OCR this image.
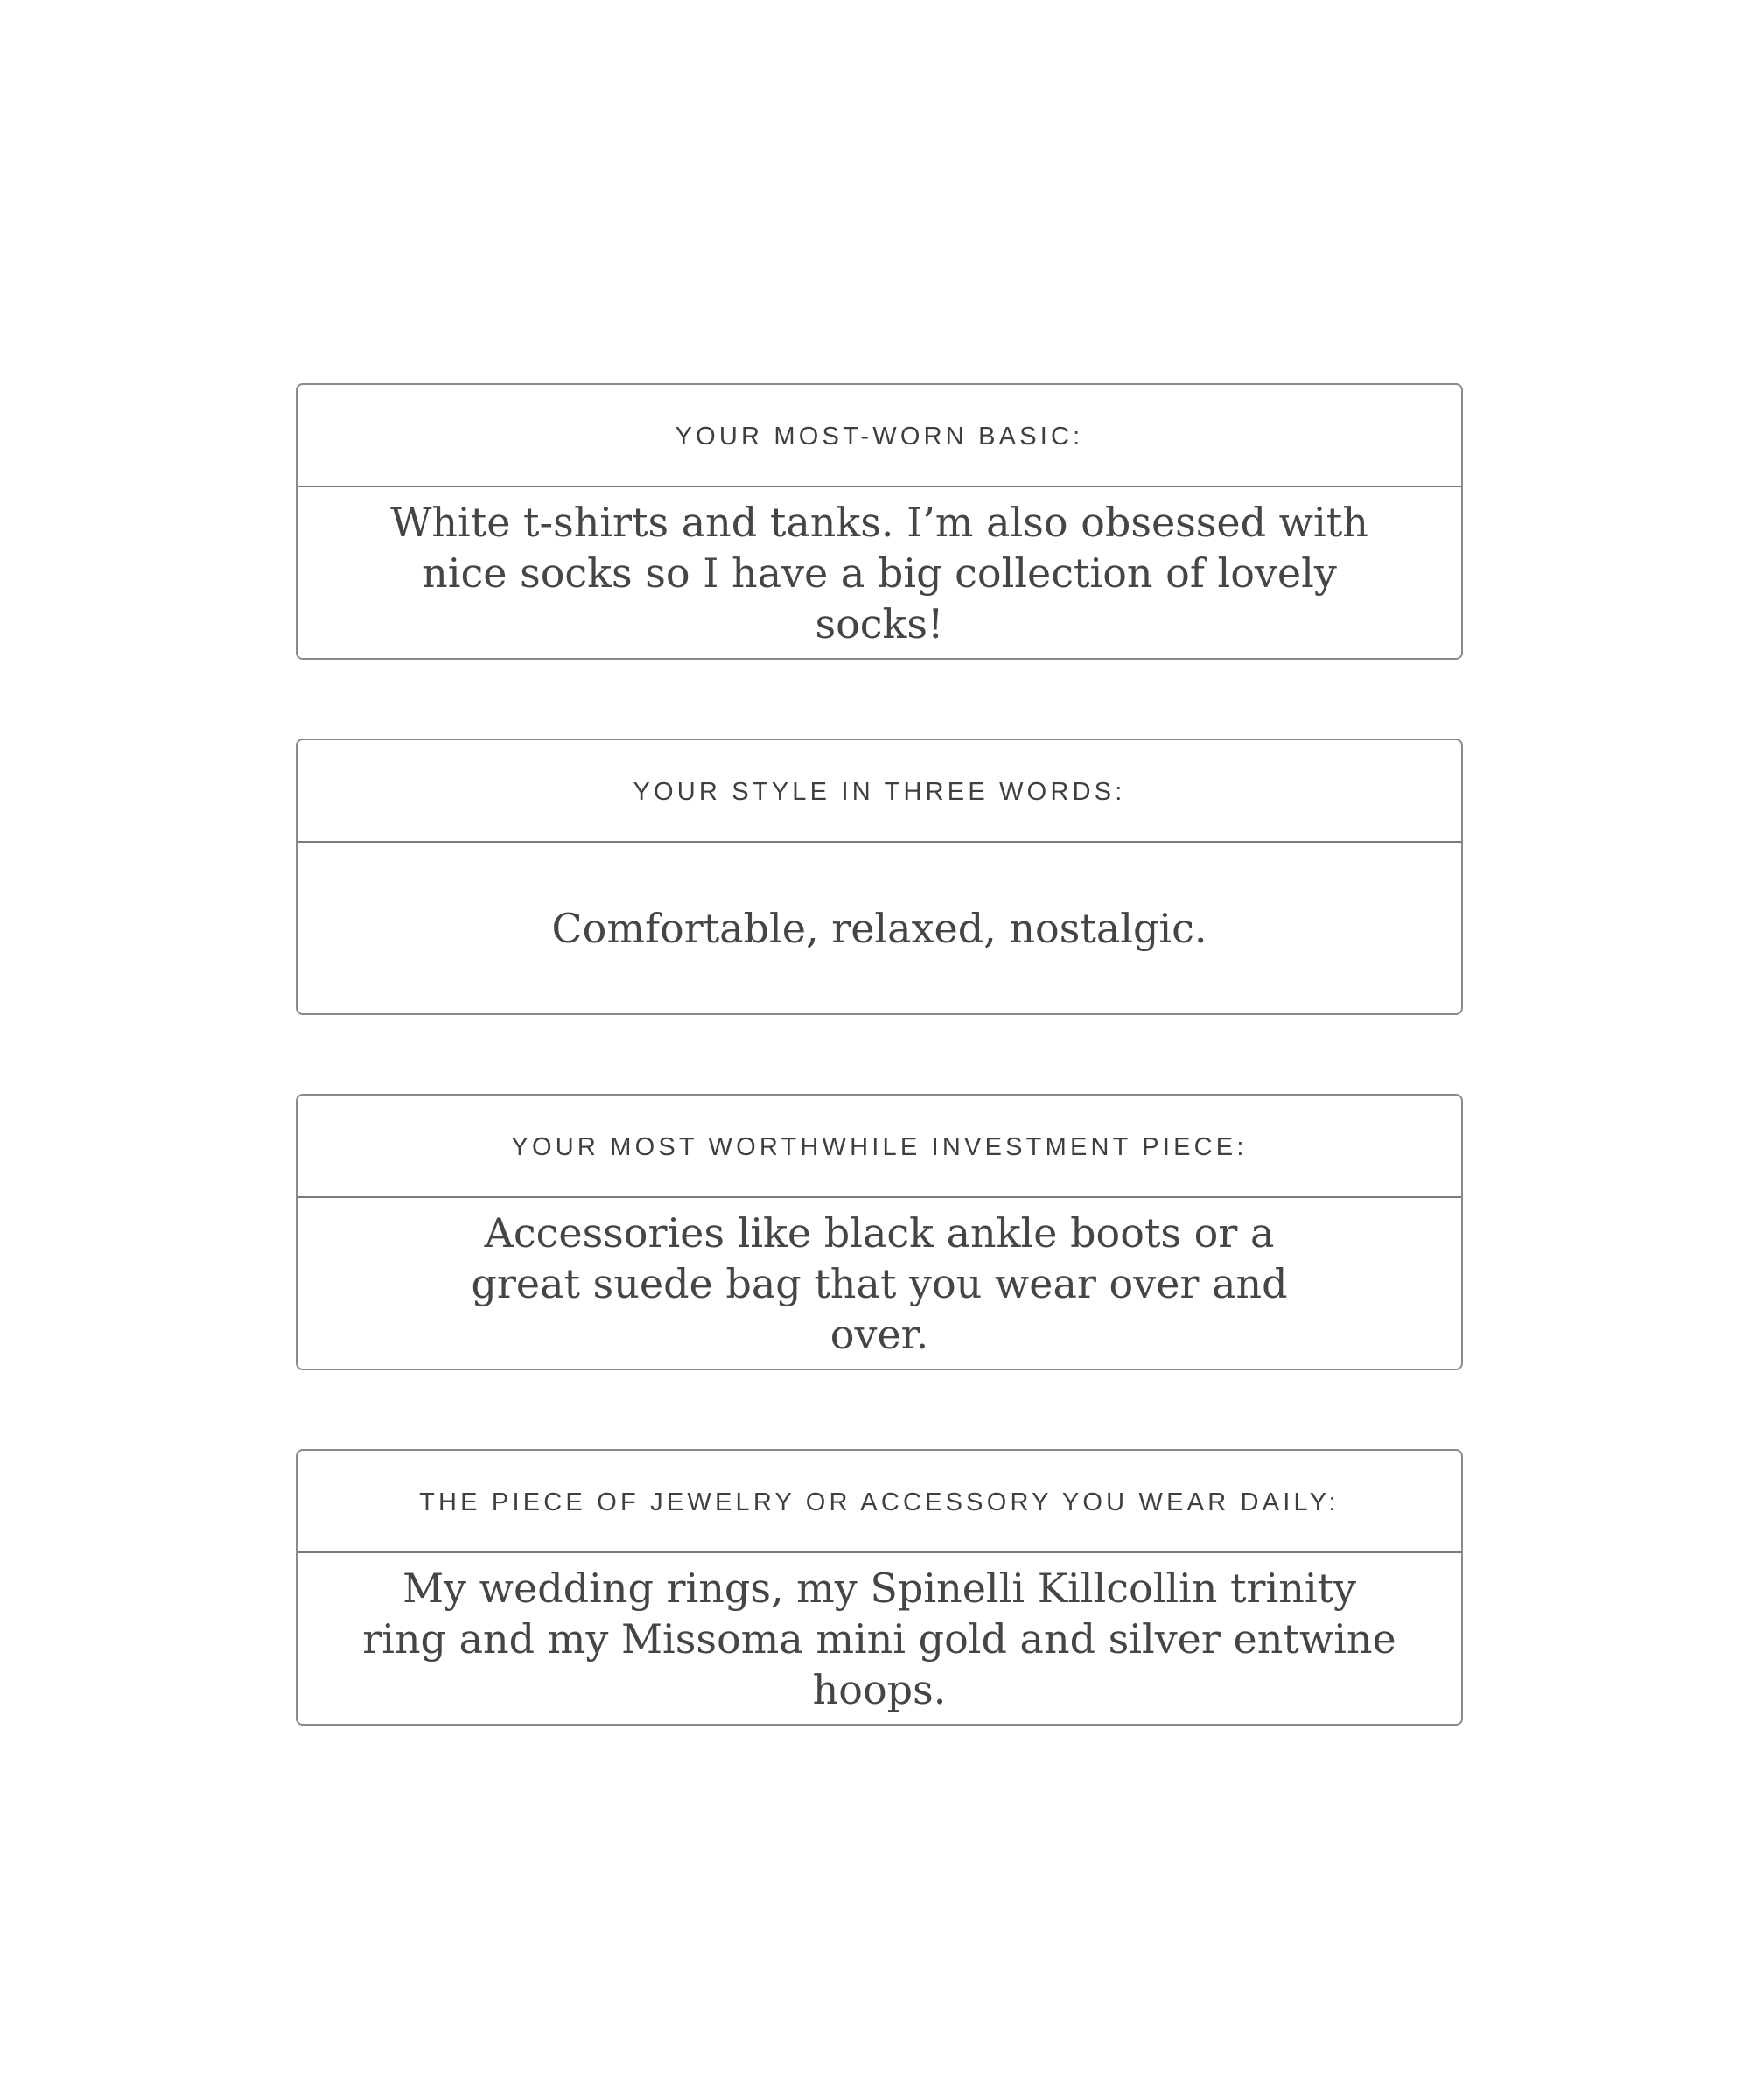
YOUR MOST-WORN BASIC:
White t-shirts and tanks. I’m also obsessed with nice socks so I have a big collection of lovely socks!
YOUR STYLE IN THREE WORDS:
Comfortable, relaxed, nostalgic.
YOUR MOST WORTHWHILE INVESTMENT PIECE:
Accessories like black ankle boots or a great suede bag that you wear over and over.
THE PIECE OF JEWELRY OR ACCESSORY YOU WEAR DAILY:
My wedding rings, my Spinelli Killcollin trinity ring and my Missoma mini gold and silver entwine hoops.
